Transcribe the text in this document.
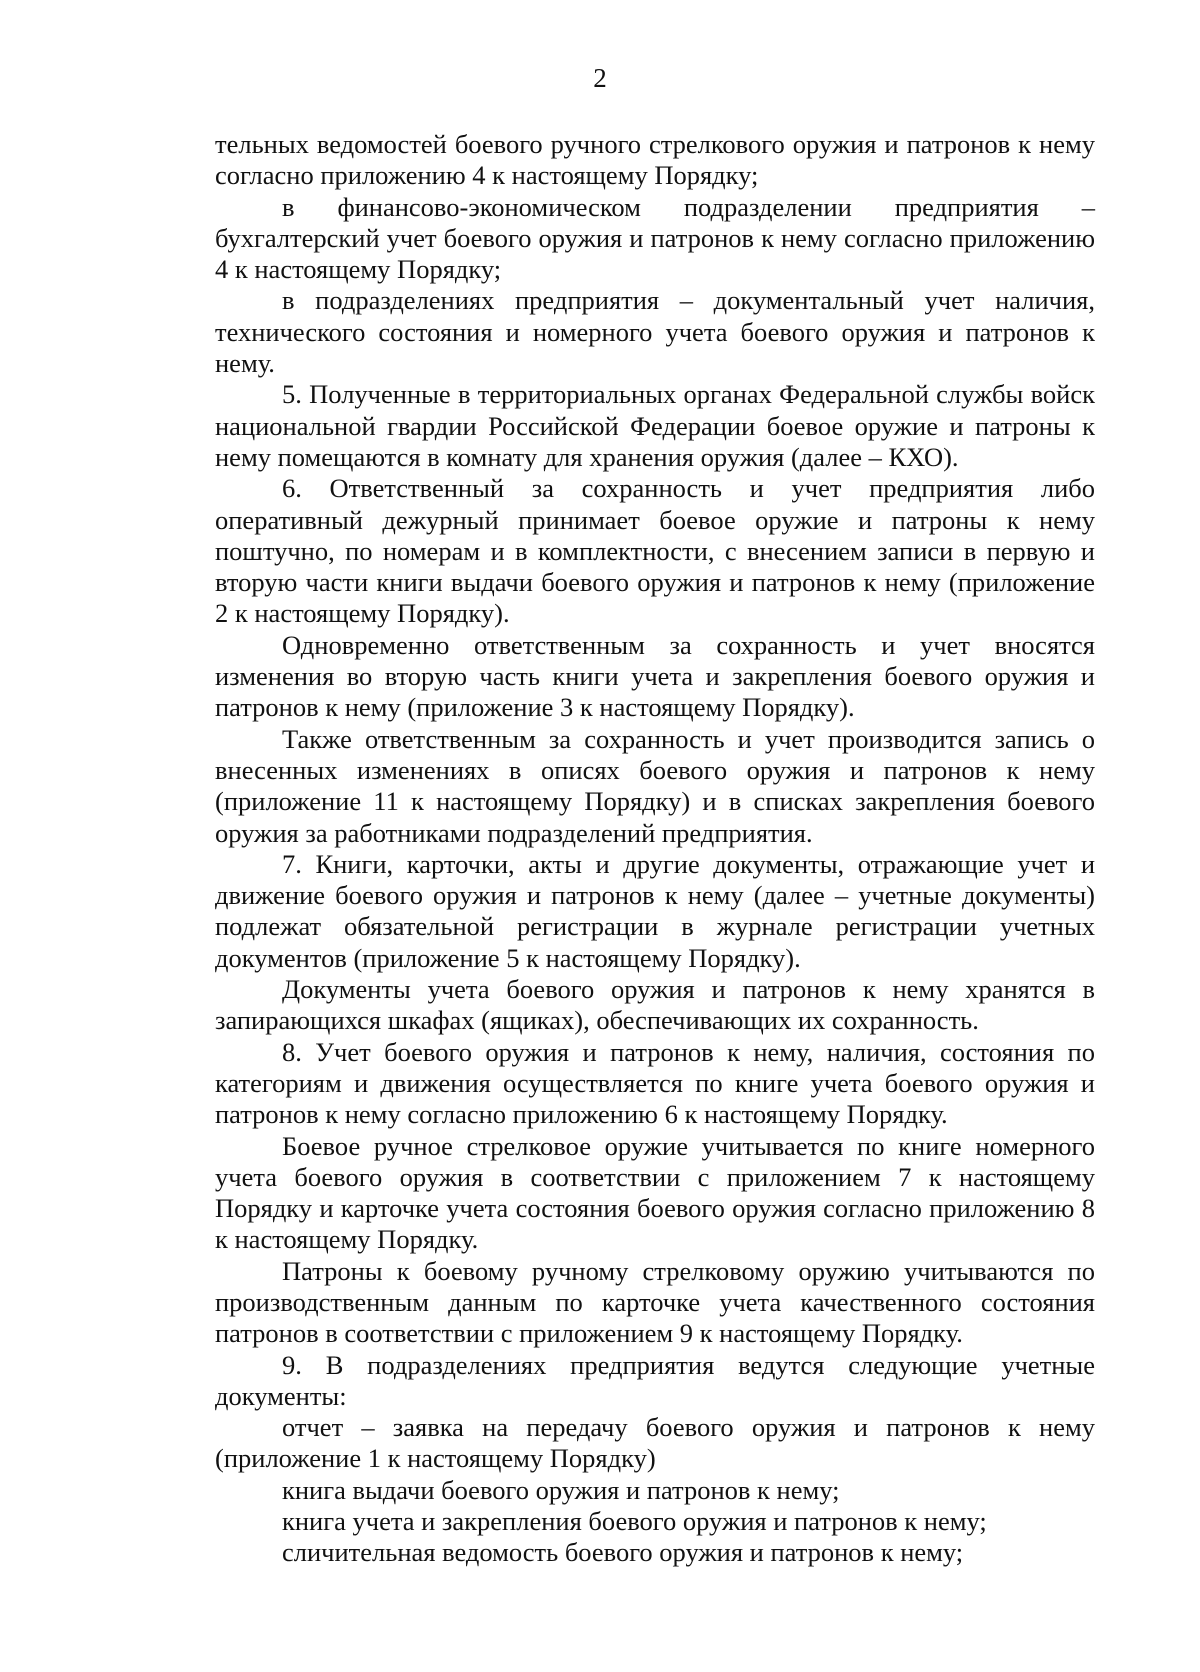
2

тельных ведомостей боевого ручного стрелкового оружия и патронов к нему согласно приложению 4 к настоящему Порядку;

в финансово-экономическом подразделении предприятия – бухгалтерский учет боевого оружия и патронов к нему согласно приложению 4 к настоящему Порядку;

в подразделениях предприятия – документальный учет наличия, технического состояния и номерного учета боевого оружия и патронов к нему.

5. Полученные в территориальных органах Федеральной службы войск национальной гвардии Российской Федерации боевое оружие и патроны к нему помещаются в комнату для хранения оружия (далее – КХО).

6. Ответственный за сохранность и учет предприятия либо оперативный дежурный принимает боевое оружие и патроны к нему поштучно, по номерам и в комплектности, с внесением записи в первую и вторую части книги выдачи боевого оружия и патронов к нему (приложение 2 к настоящему Порядку).

Одновременно ответственным за сохранность и учет вносятся изменения во вторую часть книги учета и закрепления боевого оружия и патронов к нему (приложение 3 к настоящему Порядку).

Также ответственным за сохранность и учет производится запись о внесенных изменениях в описях боевого оружия и патронов к нему (приложение 11 к настоящему Порядку) и в списках закрепления боевого оружия за работниками подразделений предприятия.

7. Книги, карточки, акты и другие документы, отражающие учет и движение боевого оружия и патронов к нему (далее – учетные документы) подлежат обязательной регистрации в журнале регистрации учетных документов (приложение 5 к настоящему Порядку).

Документы учета боевого оружия и патронов к нему хранятся в запирающихся шкафах (ящиках), обеспечивающих их сохранность.

8. Учет боевого оружия и патронов к нему, наличия, состояния по категориям и движения осуществляется по книге учета боевого оружия и патронов к нему согласно приложению 6 к настоящему Порядку.

Боевое ручное стрелковое оружие учитывается по книге номерного учета боевого оружия в соответствии с приложением 7 к настоящему Порядку и карточке учета состояния боевого оружия согласно приложению 8 к настоящему Порядку.

Патроны к боевому ручному стрелковому оружию учитываются по производственным данным по карточке учета качественного состояния патронов в соответствии с приложением 9 к настоящему Порядку.

9. В подразделениях предприятия ведутся следующие учетные документы:

отчет – заявка на передачу боевого оружия и патронов к нему (приложение 1 к настоящему Порядку)

книга выдачи боевого оружия и патронов к нему;

книга учета и закрепления боевого оружия и патронов к нему;

сличительная ведомость боевого оружия и патронов к нему;
